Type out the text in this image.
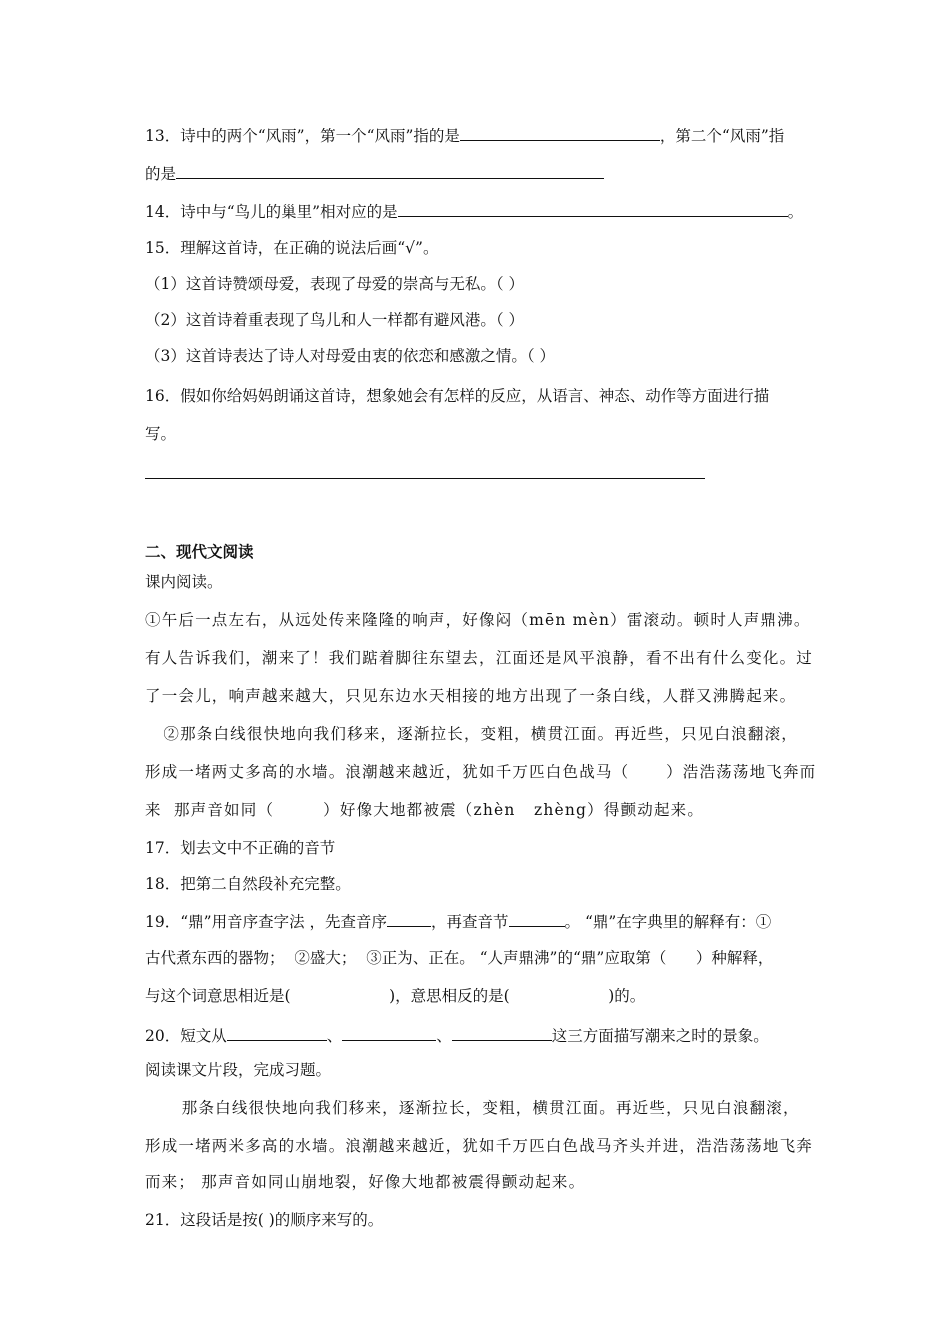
13．诗中的两个“风雨”，第一个“风雨”指的是	，第二个“风雨”指
的是
14．诗中与“鸟儿的巢里”相对应的是	。
15．理解这首诗，在正确的说法后画“√”。
（1）这首诗赞颂母爱，表现了母爱的崇高与无私。（ ）
（2）这首诗着重表现了鸟儿和人一样都有避风港。（ ）
（3）这首诗表达了诗人对母爱由衷的依恋和感激之情。（ ）
16．假如你给妈妈朗诵这首诗，想象她会有怎样的反应，从语言、神态、动作等方面进行描
写。
二、现代文阅读
课内阅读。
①午后一点左右，从远处传来隆隆的响声，好像闷（mēn mèn）雷滚动。顿时人声鼎沸。
有人告诉我们，潮来了！我们踮着脚往东望去，江面还是风平浪静，看不出有什么变化。过
了一会儿，响声越来越大，只见东边水天相接的地方出现了一条白线，人群又沸腾起来。
②那条白线很快地向我们移来，逐渐拉长，变粗，横贯江面。再近些，只见白浪翻滚，
形成一堵两丈多高的水墙。浪潮越来越近，犹如千万匹白色战马（      ）浩浩荡荡地飞奔而
来  那声音如同（        ）好像大地都被震（zhèn   zhèng）得颤动起来。
17．划去文中不正确的音节
18．把第二自然段补充完整。
19．“鼎”用音序查字法 ，先查音序	，再查音节	。 “鼎”在字典里的解释有：①
古代煮东西的器物；  ②盛大；  ③正为、正在。 “人声鼎沸”的“鼎”应取第（      ）种解释，
与这个词意思相近是(                    )，意思相反的是(                    )的。
20．短文从	、	、	这三方面描写潮来之时的景象。
阅读课文片段，完成习题。
那条白线很快地向我们移来，逐渐拉长，变粗，横贯江面。再近些，只见白浪翻滚，
形成一堵两米多高的水墙。浪潮越来越近，犹如千万匹白色战马齐头并进，浩浩荡荡地飞奔
而来； 那声音如同山崩地裂，好像大地都被震得颤动起来。
21．这段话是按( )的顺序来写的。
